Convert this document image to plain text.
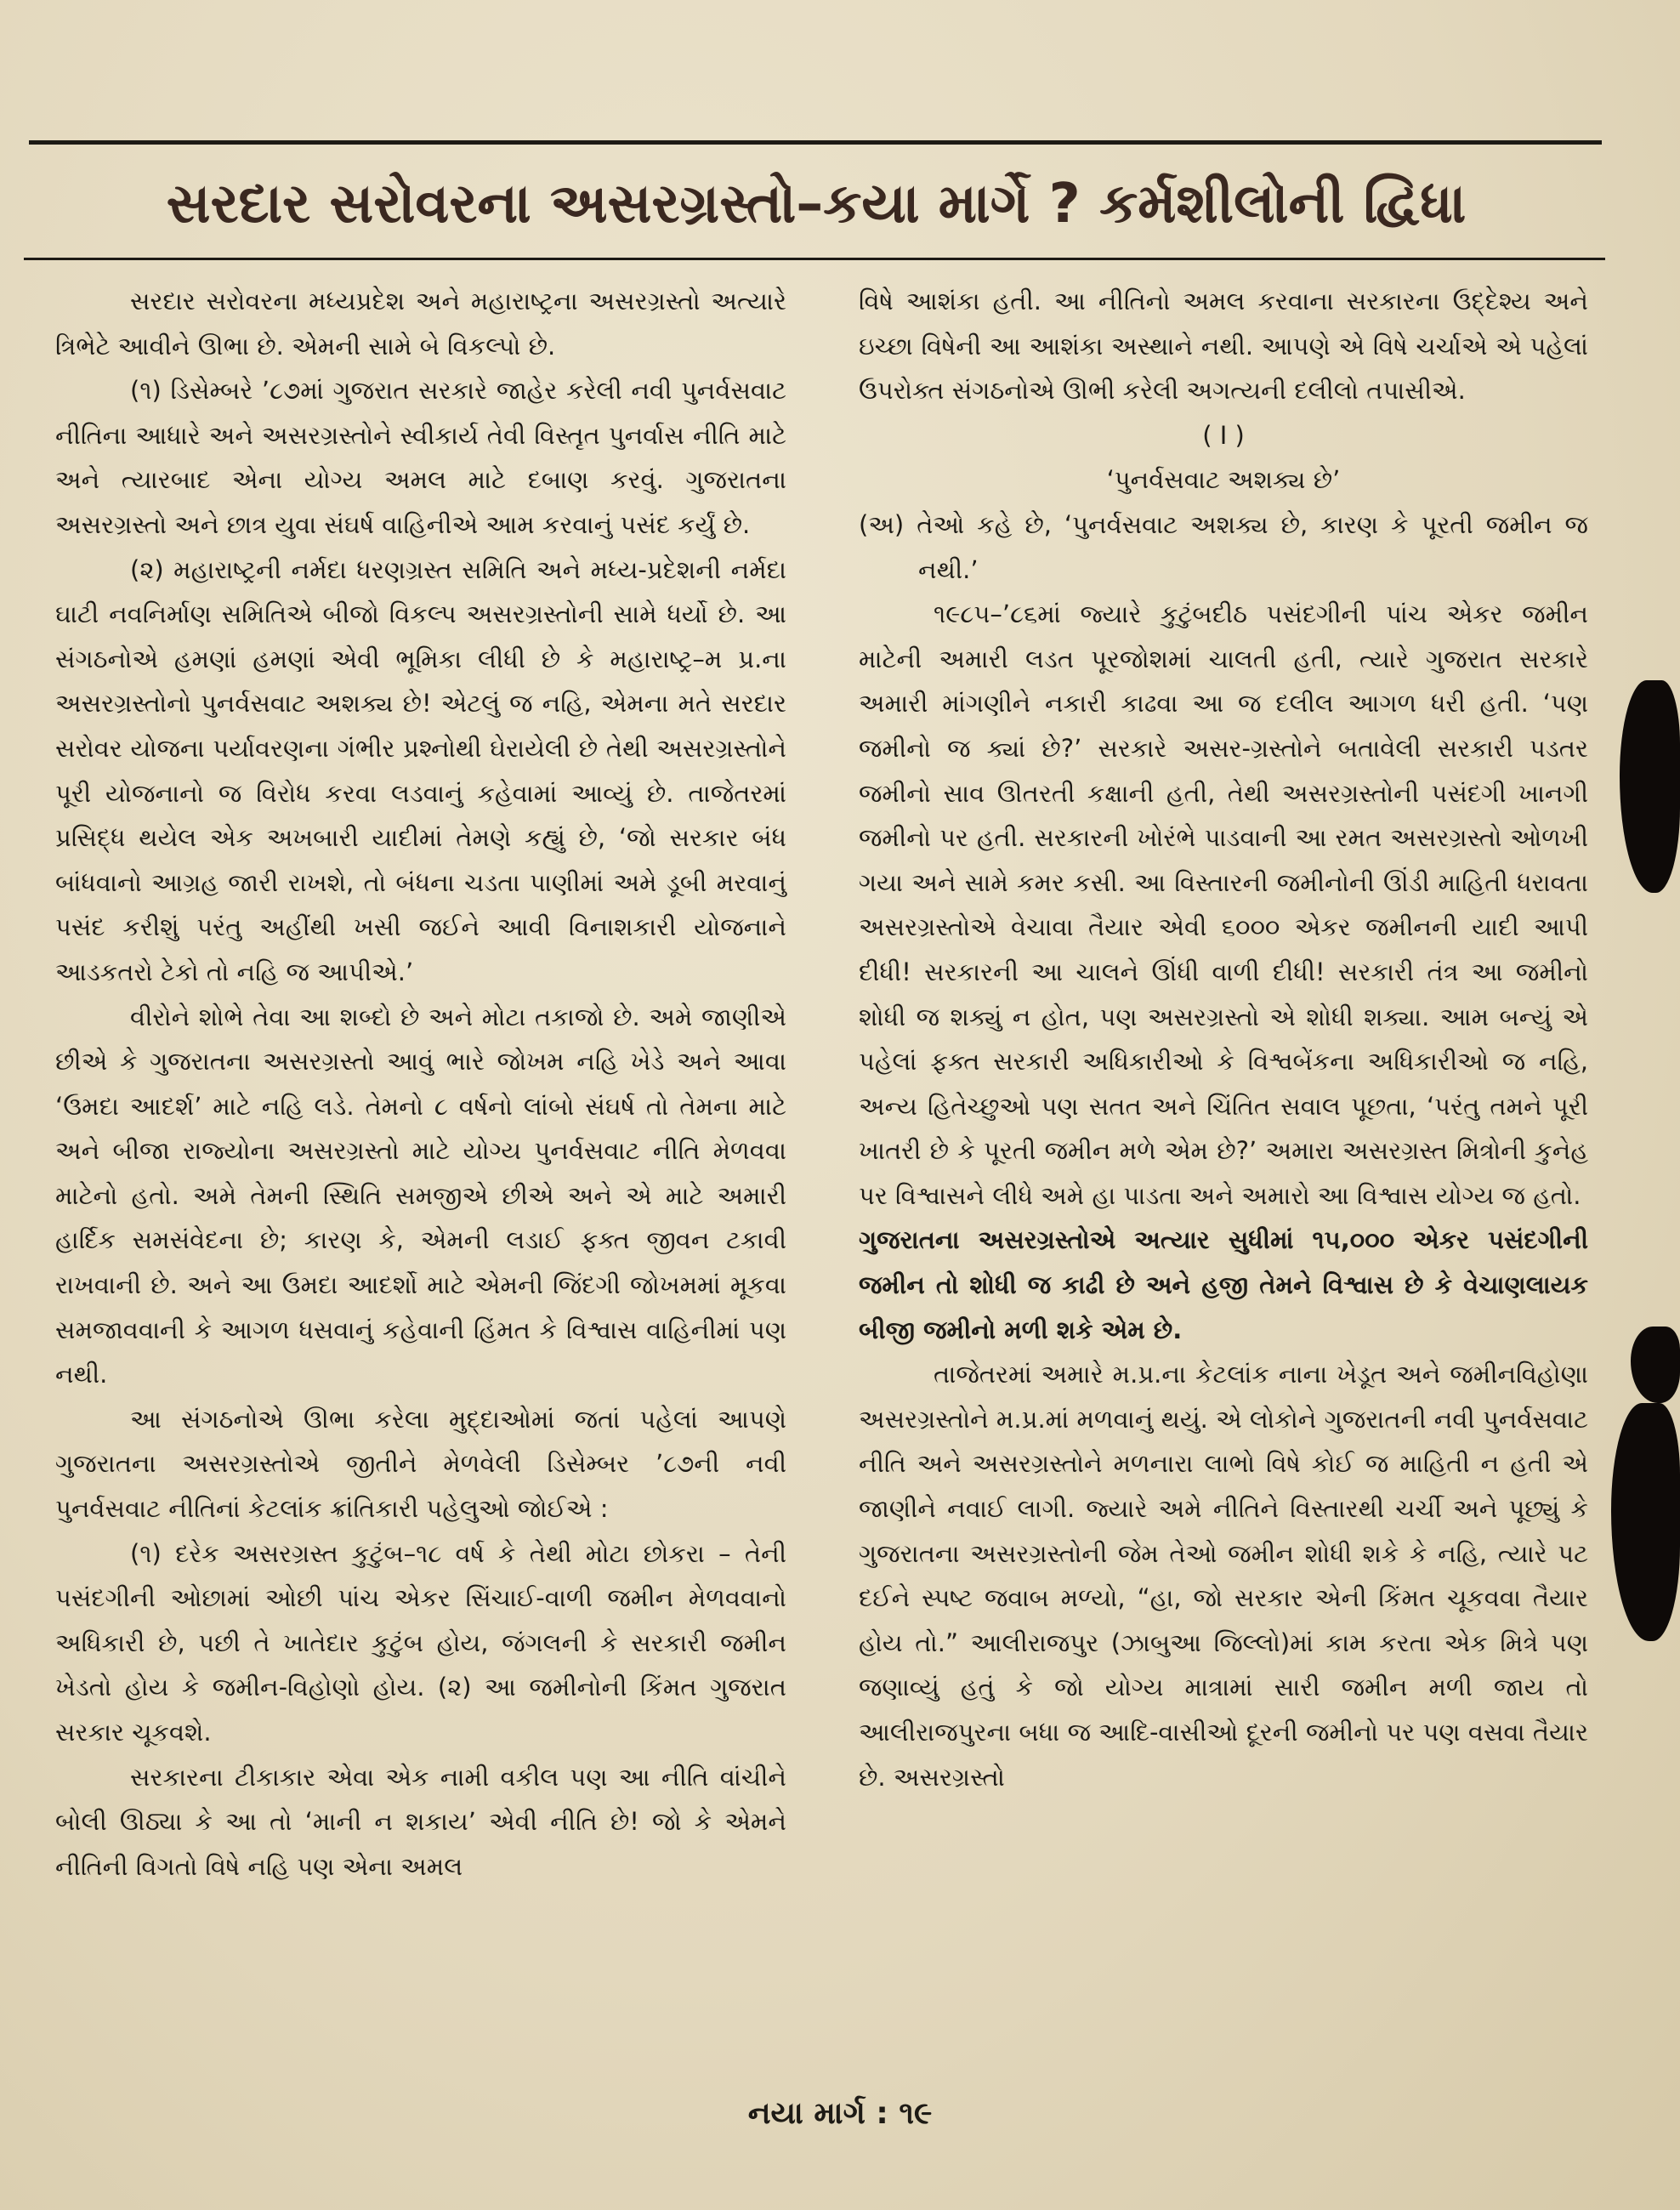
સરદાર સરોવરના અસરગ્રસ્તો–કયા માર્ગે ? કર્મશીલોની દ્વિધા

સરદાર સરોવરના મધ્યપ્રદેશ અને મહારાષ્ટ્રના અસરગ્રસ્તો અત્યારે ત્રિભેટે આવીને ઊભા છે. એમની સામે બે વિકલ્પો છે.

(૧) ડિસેમ્બરે ’૮૭માં ગુજરાત સરકારે જાહેર કરેલી નવી પુનર્વસવાટ નીતિના આધારે અને અસરગ્રસ્તોને સ્વીકાર્ય તેવી વિસ્તૃત પુનર્વાસ નીતિ માટે અને ત્યારબાદ એના યોગ્ય અમલ માટે દબાણ કરવું. ગુજરાતના અસરગ્રસ્તો અને છાત્ર યુવા સંઘર્ષ વાહિનીએ આમ કરવાનું પસંદ કર્યું છે.

(૨) મહારાષ્ટ્રની નર્મદા ધરણગ્રસ્ત સમિતિ અને મધ્ય-પ્રદેશની નર્મદા ઘાટી નવનિર્માણ સમિતિએ બીજો વિકલ્પ અસરગ્રસ્તોની સામે ધર્યો છે. આ સંગઠનોએ હમણાં હમણાં એવી ભૂમિકા લીધી છે કે મહારાષ્ટ્ર–મ પ્ર.ના અસરગ્રસ્તોનો પુનર્વસવાટ અશક્ય છે! એટલું જ નહિ, એમના મતે સરદાર સરોવર યોજના પર્યાવરણના ગંભીર પ્રશ્નોથી ઘેરાયેલી છે તેથી અસરગ્રસ્તોને પૂરી યોજનાનો જ વિરોધ કરવા લડવાનું કહેવામાં આવ્યું છે. તાજેતરમાં પ્રસિદ્ધ થયેલ એક અખબારી યાદીમાં તેમણે કહ્યું છે, ‘જો સરકાર બંધ બાંધવાનો આગ્રહ જારી રાખશે, તો બંધના ચડતા પાણીમાં અમે ડૂબી મરવાનું પસંદ કરીશું પરંતુ અહીંથી ખસી જઈને આવી વિનાશકારી યોજનાને આડકતરો ટેકો તો નહિ જ આપીએ.’

વીરોને શોભે તેવા આ શબ્દો છે અને મોટા તકાજો છે. અમે જાણીએ છીએ કે ગુજરાતના અસરગ્રસ્તો આવું ભારે જોખમ નહિ ખેડે અને આવા ‘ઉમદા આદર્શ’ માટે નહિ લડે. તેમનો ૮ વર્ષનો લાંબો સંઘર્ષ તો તેમના માટે અને બીજા રાજ્યોના અસરગ્રસ્તો માટે યોગ્ય પુનર્વસવાટ નીતિ મેળવવા માટેનો હતો. અમે તેમની સ્થિતિ સમજીએ છીએ અને એ માટે અમારી હાર્દિક સમસંવેદના છે; કારણ કે, એમની લડાઈ ફક્ત જીવન ટકાવી રાખવાની છે. અને આ ઉમદા આદર્શો માટે એમની જિંદગી જોખમમાં મૂકવા સમજાવવાની કે આગળ ધસવાનું કહેવાની હિંમત કે વિશ્વાસ વાહિનીમાં પણ નથી.

આ સંગઠનોએ ઊભા કરેલા મુદ્દાઓમાં જતાં પહેલાં આપણે ગુજરાતના અસરગ્રસ્તોએ જીતીને મેળવેલી ડિસેમ્બર ’૮૭ની નવી પુનર્વસવાટ નીતિનાં કેટલાંક ક્રાંતિકારી પહેલુઓ જોઈએ :

(૧) દરેક અસરગ્રસ્ત કુટુંબ–૧૮ વર્ષ કે તેથી મોટા છોકરા – તેની પસંદગીની ઓછામાં ઓછી પાંચ એકર સિંચાઈ-વાળી જમીન મેળવવાનો અધિકારી છે, પછી તે ખાતેદાર કુટુંબ હોય, જંગલની કે સરકારી જમીન ખેડતો હોય કે જમીન-વિહોણો હોય. (૨) આ જમીનોની કિંમત ગુજરાત સરકાર ચૂકવશે.

સરકારના ટીકાકાર એવા એક નામી વકીલ પણ આ નીતિ વાંચીને બોલી ઊઠ્યા કે આ તો ‘માની ન શકાય’ એવી નીતિ છે! જો કે એમને નીતિની વિગતો વિષે નહિ પણ એના અમલ

વિષે આશંકા હતી. આ નીતિનો અમલ કરવાના સરકારના ઉદ્દેશ્ય અને ઇચ્છા વિષેની આ આશંકા અસ્થાને નથી. આપણે એ વિષે ચર્ચાએ એ પહેલાં ઉપરોક્ત સંગઠનોએ ઊભી કરેલી અગત્યની દલીલો તપાસીએ.

( I )

‘પુનર્વસવાટ અશક્ય છે’

(અ) તેઓ કહે છે, ‘પુનર્વસવાટ અશક્ય છે, કારણ કે પૂરતી જમીન જ નથી.’

૧૯૮૫–’૮૬માં જ્યારે કુટુંબદીઠ પસંદગીની પાંચ એકર જમીન માટેની અમારી લડત પૂરજોશમાં ચાલતી હતી, ત્યારે ગુજરાત સરકારે અમારી માંગણીને નકારી કાઢવા આ જ દલીલ આગળ ધરી હતી. ‘પણ જમીનો જ ક્યાં છે?’ સરકારે અસર-ગ્રસ્તોને બતાવેલી સરકારી પડતર જમીનો સાવ ઊતરતી કક્ષાની હતી, તેથી અસરગ્રસ્તોની પસંદગી ખાનગી જમીનો પર હતી. સરકારની ખોરંભે પાડવાની આ રમત અસરગ્રસ્તો ઓળખી ગયા અને સામે કમર કસી. આ વિસ્તારની જમીનોની ઊંડી માહિતી ધરાવતા અસરગ્રસ્તોએ વેચાવા તૈયાર એવી ૬૦૦૦ એકર જમીનની યાદી આપી દીધી! સરકારની આ ચાલને ઊંધી વાળી દીધી! સરકારી તંત્ર આ જમીનો શોધી જ શક્યું ન હોત, પણ અસરગ્રસ્તો એ શોધી શક્યા. આમ બન્યું એ પહેલાં ફક્ત સરકારી અધિકારીઓ કે વિશ્વબેંકના અધિકારીઓ જ નહિ, અન્ય હિતેચ્છુઓ પણ સતત અને ચિંતિત સવાલ પૂછતા, ‘પરંતુ તમને પૂરી ખાતરી છે કે પૂરતી જમીન મળે એમ છે?’ અમારા અસરગ્રસ્ત મિત્રોની કુનેહ પર વિશ્વાસને લીધે અમે હા પાડતા અને અમારો આ વિશ્વાસ યોગ્ય જ હતો.

ગુજરાતના અસરગ્રસ્તોએ અત્યાર સુધીમાં ૧૫,૦૦૦ એકર પસંદગીની જમીન તો શોધી જ કાઢી છે અને હજી તેમને વિશ્વાસ છે કે વેચાણલાયક બીજી જમીનો મળી શકે એમ છે.

તાજેતરમાં અમારે મ.પ્ર.ના કેટલાંક નાના ખેડૂત અને જમીનવિહોણા અસરગ્રસ્તોને મ.પ્ર.માં મળવાનું થયું. એ લોકોને ગુજરાતની નવી પુનર્વસવાટ નીતિ અને અસરગ્રસ્તોને મળનારા લાભો વિષે કોઈ જ માહિતી ન હતી એ જાણીને નવાઈ લાગી. જ્યારે અમે નીતિને વિસ્તારથી ચર્ચી અને પૂછ્યું કે ગુજરાતના અસરગ્રસ્તોની જેમ તેઓ જમીન શોધી શકે કે નહિ, ત્યારે પટ દઈને સ્પષ્ટ જવાબ મળ્યો, “હા, જો સરકાર એની કિંમત ચૂકવવા તૈયાર હોય તો.” આલીરાજપુર (ઝાબુઆ જિલ્લો)માં કામ કરતા એક મિત્રે પણ જણાવ્યું હતું કે જો યોગ્ય માત્રામાં સારી જમીન મળી જાય તો આલીરાજપુરના બધા જ આદિ-વાસીઓ દૂરની જમીનો પર પણ વસવા તૈયાર છે. અસરગ્રસ્તો

નયા માર્ગ : ૧૯
